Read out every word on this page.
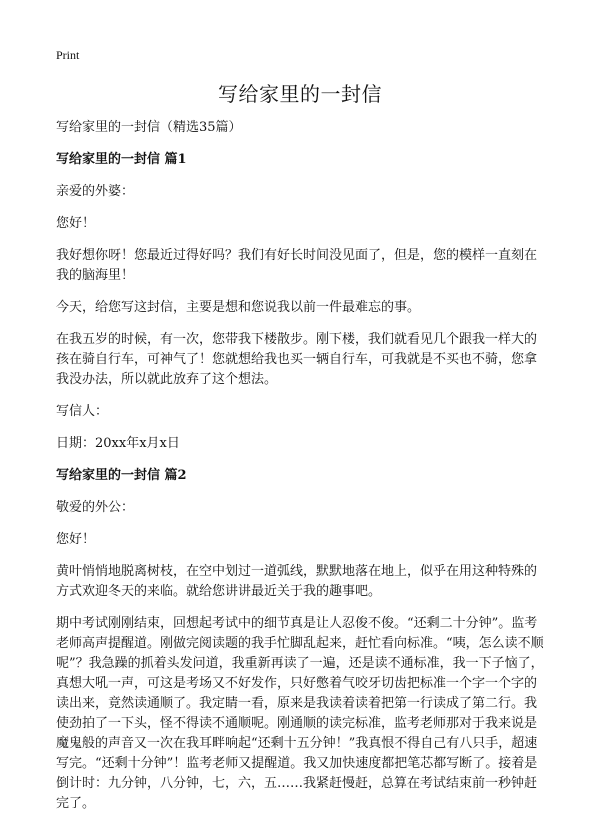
Print
写给家里的一封信

写给家里的一封信（精选35篇）

写给家里的一封信 篇1

亲爱的外婆：

您好！

我好想你呀！您最近过得好吗？我们有好长时间没见面了，但是，您的模样一直刻在我的脑海里！

今天，给您写这封信，主要是想和您说我以前一件最难忘的事。

在我五岁的时候，有一次，您带我下楼散步。刚下楼，我们就看见几个跟我一样大的孩在骑自行车，可神气了！您就想给我也买一辆自行车，可我就是不买也不骑，您拿我没办法，所以就此放弃了这个想法。

写信人：

日期：20xx年x月x日

写给家里的一封信 篇2

敬爱的外公：

您好！

黄叶悄悄地脱离树枝，在空中划过一道弧线，默默地落在地上，似乎在用这种特殊的方式欢迎冬天的来临。就给您讲讲最近关于我的趣事吧。

期中考试刚刚结束，回想起考试中的细节真是让人忍俊不俊。“还剩二十分钟”。监考老师高声提醒道。刚做完阅读题的我手忙脚乱起来，赶忙看向标准。“咦，怎么读不顺呢”？我急躁的抓着头发问道，我重新再读了一遍，还是读不通标准，我一下子恼了，真想大吼一声，可这是考场又不好发作，只好憋着气咬牙切齿把标准一个字一个字的读出来，竟然读通顺了。我定睛一看，原来是我读着读着把第一行读成了第二行。我使劲拍了一下头，怪不得读不通顺呢。刚通顺的读完标准，监考老师那对于我来说是魔鬼般的声音又一次在我耳畔响起“还剩十五分钟！”我真恨不得自己有八只手，超速写完。“还剩十分钟”！监考老师又提醒道。我又加快速度都把笔芯都写断了。接着是倒计时：九分钟，八分钟，七，六，五……我紧赶慢赶，总算在考试结束前一秒钟赶完了。
